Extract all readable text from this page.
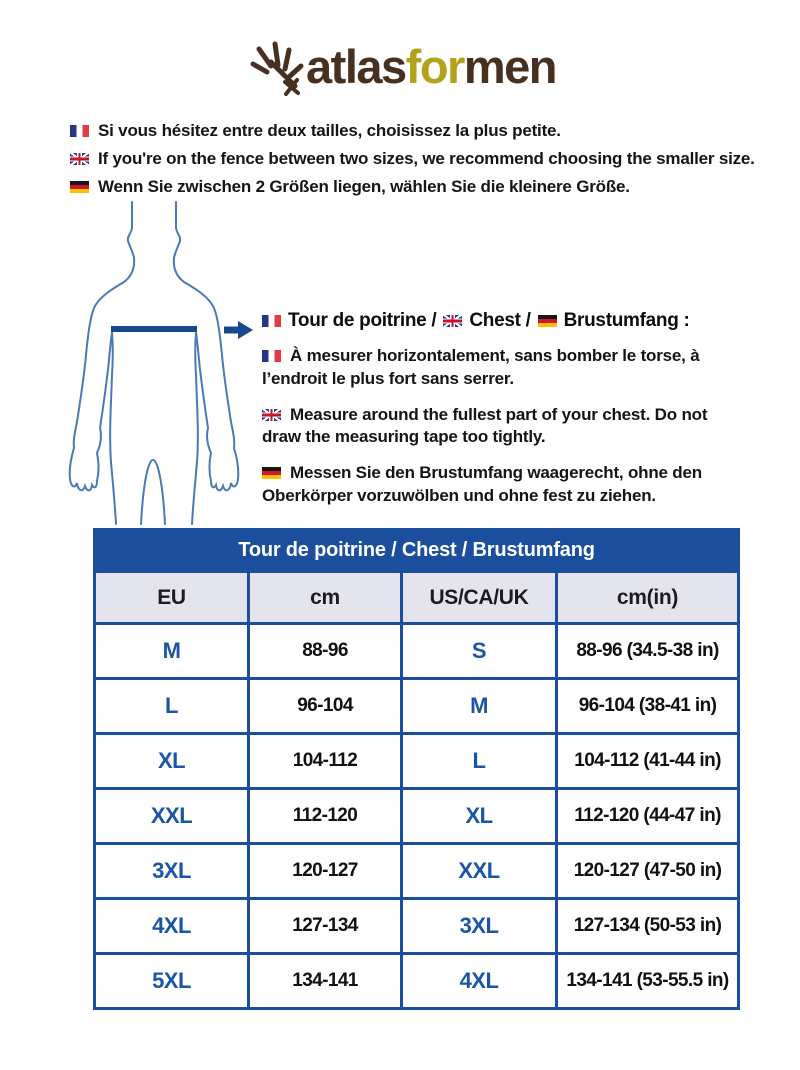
atlasformen
Si vous hésitez entre deux tailles, choisissez la plus petite.
If you're on the fence between two sizes, we recommend choosing the smaller size.
Wenn Sie zwischen 2 Größen liegen, wählen Sie die kleinere Größe.
Tour de poitrine / Chest / Brustumfang :

À mesurer horizontalement, sans bomber le torse, à l’endroit le plus fort sans serrer.

Measure around the fullest part of your chest. Do not draw the measuring tape too tightly.

Messen Sie den Brustumfang waagerecht, ohne den Oberkörper vorzuwölben und ohne fest zu ziehen.

Tour de poitrine / Chest / Brustumfang			
EU	cm	US/CA/UK	cm(in)
M	88-96	S	88-96 (34.5-38 in)
L	96-104	M	96-104 (38-41 in)
XL	104-112	L	104-112 (41-44 in)
XXL	112-120	XL	112-120 (44-47 in)
3XL	120-127	XXL	120-127 (47-50 in)
4XL	127-134	3XL	127-134 (50-53 in)
5XL	134-141	4XL	134-141 (53-55.5 in)
